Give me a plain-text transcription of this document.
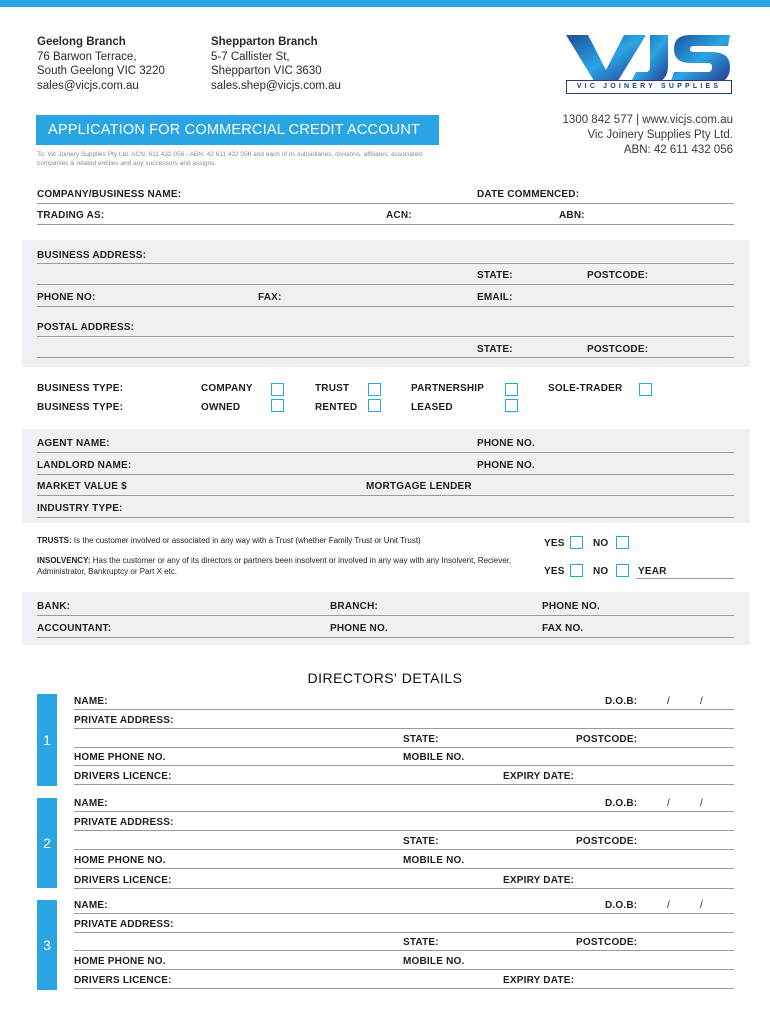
Geelong Branch
76 Barwon Terrace,
South Geelong VIC 3220
sales@vicjs.com.au
Shepparton Branch
5-7 Callister St,
Shepparton VIC 3630
sales.shep@vicjs.com.au	VIC JOINERY SUPPLIES
1300 842 577 | www.vicjs.com.au
Vic Joinery Supplies Pty Ltd.
ABN: 42 611 432 056
APPLICATION FOR COMMERCIAL CREDIT ACCOUNT
To: Vic Joinery Supplies Pty Ltd. ACN: 611 432 056 - ABN: 42 611 432 056 and each of its subsidiaries, divisions, affiliates, associated companies & related entities and any successors and assigns.
COMPANY/BUSINESS NAME:	DATE COMMENCED:
TRADING AS:	ACN:	ABN:
BUSINESS ADDRESS:
STATE:	POSTCODE:
PHONE NO:	FAX:	EMAIL:
POSTAL ADDRESS:
STATE:	POSTCODE:
BUSINESS TYPE:	COMPANY	TRUST	PARTNERSHIP	SOLE-TRADER
BUSINESS TYPE:	OWNED	RENTED	LEASED
AGENT NAME:	PHONE NO.
LANDLORD NAME:	PHONE NO.
MARKET VALUE $	MORTGAGE LENDER
INDUSTRY TYPE:
TRUSTS: Is the customer involved or associated in any way with a Trust (whether Family Trust or Unit Trust)	YES	NO
INSOLVENCY: Has the customer or any of its directors or partners been insolvent or involved in any way with any Insolvent, Reciever, Administrator, Bankruptcy or Part X etc.	YES	NO	YEAR
BANK:	BRANCH:	PHONE NO.
ACCOUNTANT:	PHONE NO.	FAX NO.
DIRECTORS' DETAILS
1
NAME:	D.O.B:	/	/
PRIVATE ADDRESS:
STATE:	POSTCODE:
HOME PHONE NO.	MOBILE NO.
DRIVERS LICENCE:	EXPIRY DATE:
2
NAME:	D.O.B:	/	/
PRIVATE ADDRESS:
STATE:	POSTCODE:
HOME PHONE NO.	MOBILE NO.
DRIVERS LICENCE:	EXPIRY DATE:
3
NAME:	D.O.B:	/	/
PRIVATE ADDRESS:
STATE:	POSTCODE:
HOME PHONE NO.	MOBILE NO.
DRIVERS LICENCE:	EXPIRY DATE:
